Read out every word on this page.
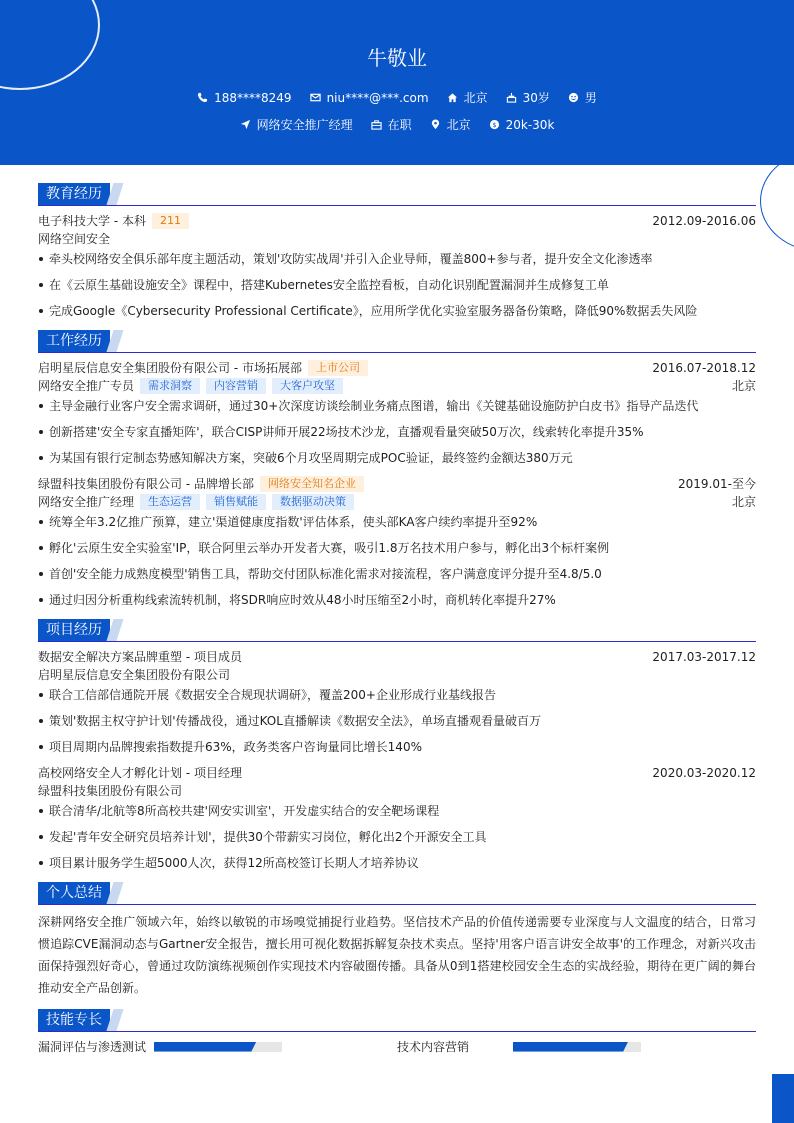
牛敬业
188****8249	niu****@***.com	北京	30岁	男
网络安全推广经理	在职	北京	$ 20k-30k
教育经历
电子科技大学 - 本科	211	2012.09-2016.06
网络空间安全
牵头校网络安全俱乐部年度主题活动，策划'攻防实战周'并引入企业导师，覆盖800+参与者，提升安全文化渗透率
在《云原生基础设施安全》课程中，搭建Kubernetes安全监控看板，自动化识别配置漏洞并生成修复工单
完成Google《Cybersecurity Professional Certificate》，应用所学优化实验室服务器备份策略，降低90%数据丢失风险
工作经历
启明星辰信息安全集团股份有限公司 - 市场拓展部	上市公司	2016.07-2018.12
网络安全推广专员	需求洞察	内容营销	大客户攻坚	北京
主导金融行业客户安全需求调研，通过30+次深度访谈绘制业务痛点图谱，输出《关键基础设施防护白皮书》指导产品迭代
创新搭建'安全专家直播矩阵'，联合CISP讲师开展22场技术沙龙，直播观看量突破50万次，线索转化率提升35%
为某国有银行定制态势感知解决方案，突破6个月攻坚周期完成POC验证，最终签约金额达380万元
绿盟科技集团股份有限公司 - 品牌增长部	网络安全知名企业	2019.01-至今
网络安全推广经理	生态运营	销售赋能	数据驱动决策	北京
统筹全年3.2亿推广预算，建立'渠道健康度指数'评估体系，使头部KA客户续约率提升至92%
孵化'云原生安全实验室'IP，联合阿里云举办开发者大赛，吸引1.8万名技术用户参与，孵化出3个标杆案例
首创'安全能力成熟度模型'销售工具，帮助交付团队标准化需求对接流程，客户满意度评分提升至4.8/5.0
通过归因分析重构线索流转机制，将SDR响应时效从48小时压缩至2小时，商机转化率提升27%
项目经历
数据安全解决方案品牌重塑 - 项目成员	2017.03-2017.12
启明星辰信息安全集团股份有限公司
联合工信部信通院开展《数据安全合规现状调研》，覆盖200+企业形成行业基线报告
策划'数据主权守护计划'传播战役，通过KOL直播解读《数据安全法》，单场直播观看量破百万
项目周期内品牌搜索指数提升63%，政务类客户咨询量同比增长140%
高校网络安全人才孵化计划 - 项目经理	2020.03-2020.12
绿盟科技集团股份有限公司
联合清华/北航等8所高校共建'网安实训室'，开发虚实结合的安全靶场课程
发起'青年安全研究员培养计划'，提供30个带薪实习岗位，孵化出2个开源安全工具
项目累计服务学生超5000人次，获得12所高校签订长期人才培养协议
个人总结
深耕网络安全推广领域六年，始终以敏锐的市场嗅觉捕捉行业趋势。坚信技术产品的价值传递需要专业深度与人文温度的结合，日常习惯追踪CVE漏洞动态与Gartner安全报告，擅长用可视化数据拆解复杂技术卖点。坚持'用客户语言讲安全故事'的工作理念，对新兴攻击面保持强烈好奇心，曾通过攻防演练视频创作实现技术内容破圈传播。具备从0到1搭建校园安全生态的实战经验，期待在更广阔的舞台推动安全产品创新。
技能专长
漏洞评估与渗透测试	技术内容营销
